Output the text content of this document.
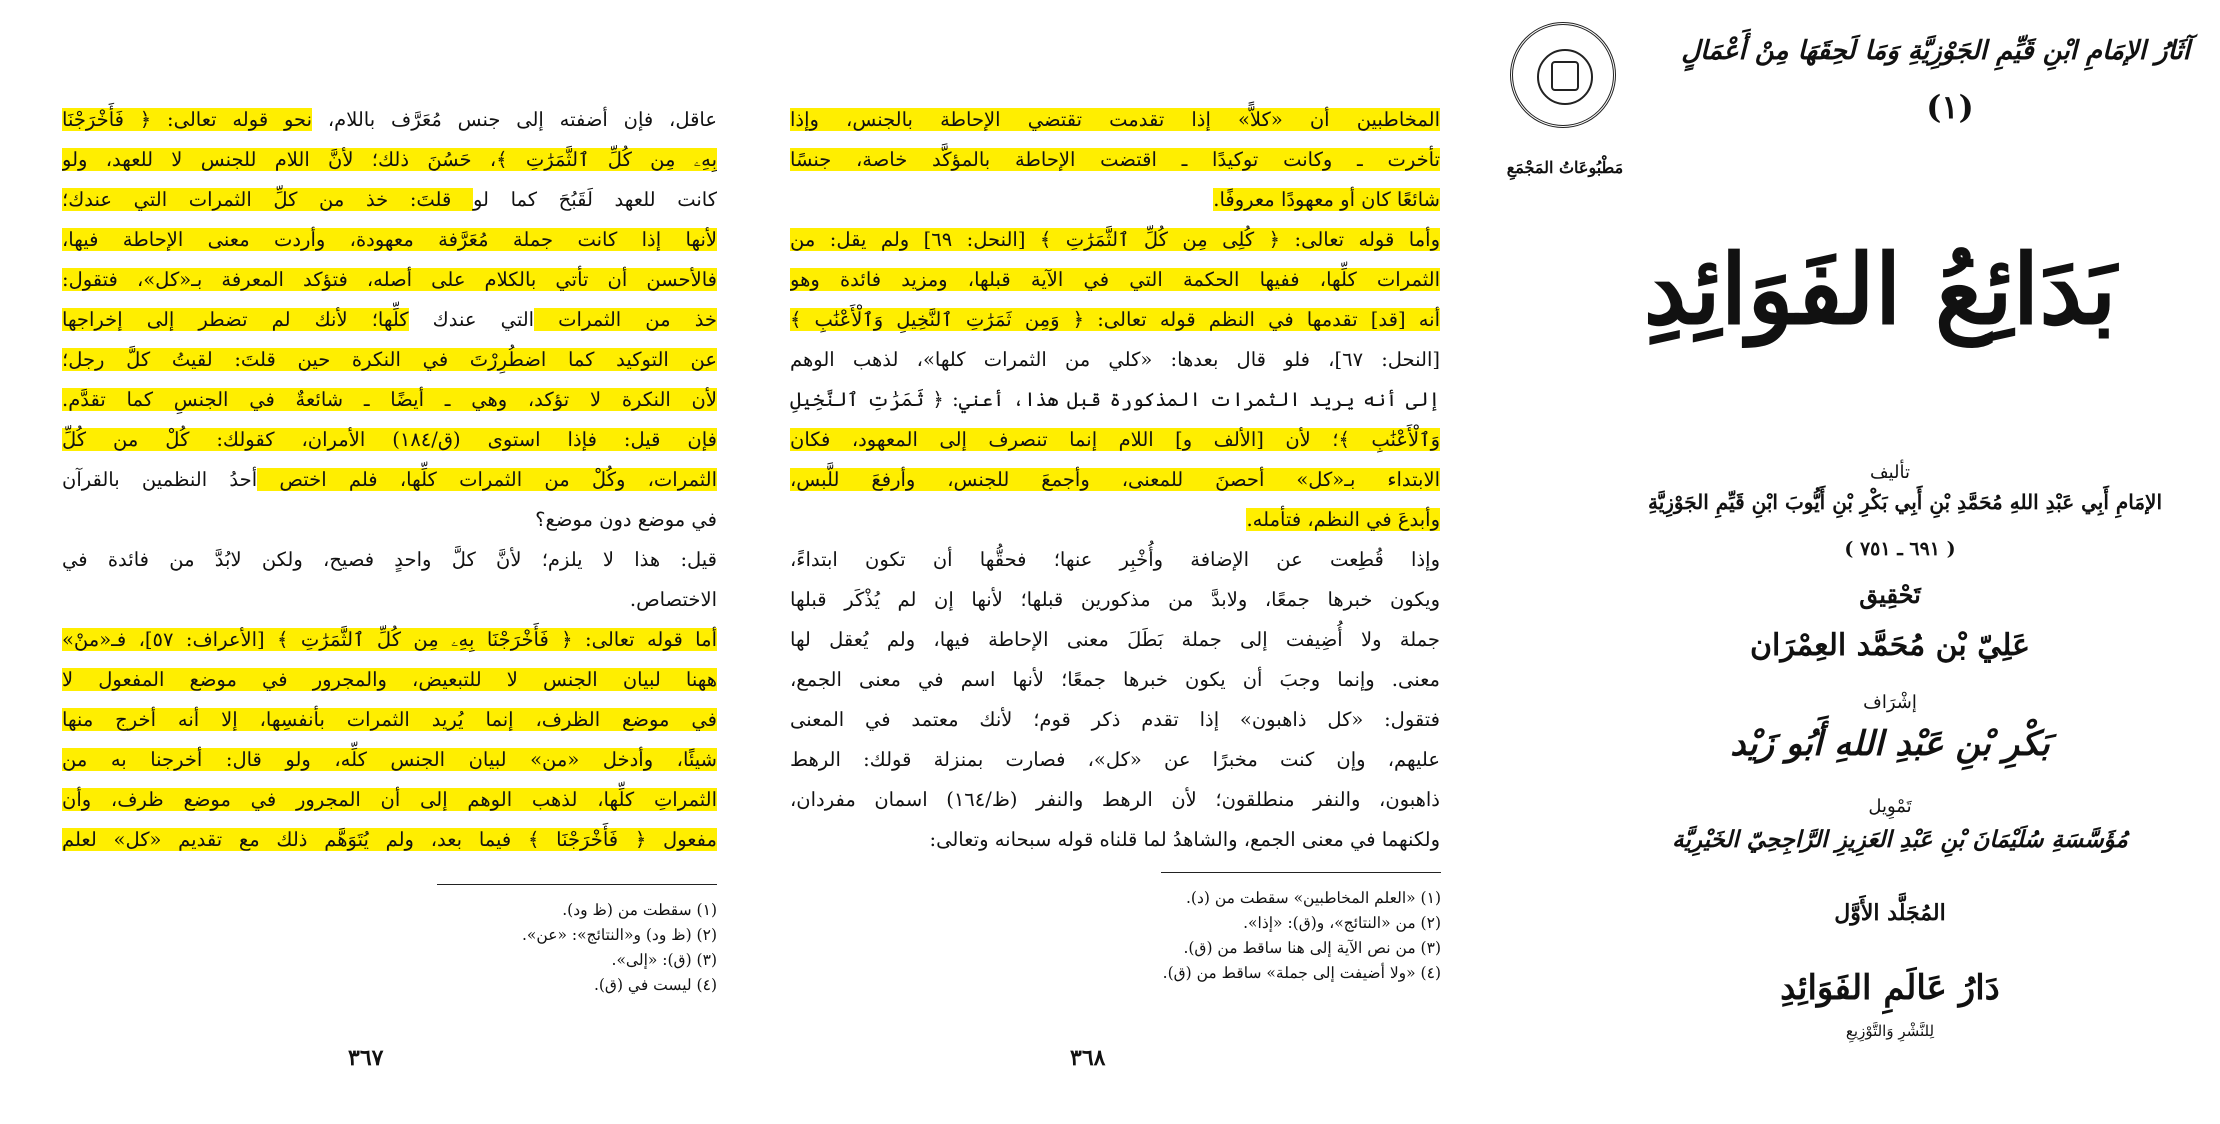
عاقل، فإن أضفته إلى جنس مُعَرَّف باللام، نحو قوله تعالى: ﴿ فَأَخْرَجْنَا
بِهِۦ مِن كُلِّ ٱلثَّمَرَٰتِ ﴾، حَسُنَ ذلك؛ لأنَّ اللام للجنس لا للعهد، ولو
كانت للعهد لَقَبُحَ كما لو قلتَ: خذ من كلِّ الثمرات التي عندك؛
لأنها إذا كانت جملة مُعَرَّفة معهودة، وأردت معنى الإحاطة فيها،
فالأحسن أن تأتي بالكلام على أصله، فتؤكد المعرفة بـ«كل»، فتقول:
خذ من الثمرات التي عندك كلِّها؛ لأنك لم تضطر إلى إخراجها
عن التوكيد كما اضطُرِرْتَ في النكرة حين قلتَ: لقيتُ كلَّ رجل؛
لأن النكرة لا تؤكد، وهي ـ أيضًا ـ شائعةٌ في الجنسِ كما تقدَّم.
فإن قيل: فإذا استوى (ق/١٨٤) الأمران، كقولك: كُلْ من كُلِّ
الثمرات، وكُلْ من الثمرات كلِّها، فلم اختص أحدُ النظمين بالقرآن
في موضع دون موضع؟
قيل: هذا لا يلزم؛ لأنَّ كلَّ واحدٍ فصيح، ولكن لابُدَّ من فائدة في
الاختصاص.
أما قوله تعالى: ﴿ فَأَخْرَجْنَا بِهِۦ مِن كُلِّ ٱلثَّمَرَٰتِ ﴾ [الأعراف: ٥٧]، فـ«منْ»
ههنا لبيان الجنس لا للتبعيض، والمجرور في موضع المفعول لا
في موضع الظرف، إنما يُريد الثمرات بأنفسِها، إلا أنه أخرج منها
شيئًا، وأدخل «من» لبيان الجنس كلِّه، ولو قال: أخرجنا به من
الثمراتِ كلِّها، لذهب الوهم إلى أن المجرور في موضع ظرف، وأن
مفعول ﴿ فَأَخْرَجْنَا ﴾ فيما بعد، ولم يُتَوَهَّم ذلك مع تقديم «كل» لعلم
(١) سقطت من (ظ ود).
(٢) (ظ ود) و«النتائج»: «عن».
(٣) (ق): «إلى».
(٤) ليست في (ق).
٣٦٧
المخاطبين أن «كلاًّ» إذا تقدمت تقتضي الإحاطة بالجنس، وإذا
تأخرت ـ وكانت توكيدًا ـ اقتضت الإحاطة بالمؤكَّد خاصة، جنسًا
شائعًا كان أو معهودًا معروفًا.
وأما قوله تعالى: ﴿ كُلِى مِن كُلِّ ٱلثَّمَرَٰتِ ﴾ [النحل: ٦٩] ولم يقل: من
الثمرات كلِّها، ففيها الحكمة التي في الآية قبلها، ومزيد فائدة وهو
أنه [قد] تقدمها في النظم قوله تعالى: ﴿ وَمِن ثَمَرَٰتِ ٱلنَّخِيلِ وَٱلْأَعْنَٰبِ ﴾
[النحل: ٦٧]، فلو قال بعدها: «كلي من الثمرات كلها»، لذهب الوهم
إلى أنه يريد الثمرات المذكورة قبل هذا، أعني: ﴿ ثَمَرَٰتِ ٱلنَّخِيلِ
وَٱلْأَعْنَٰبِ ﴾؛ لأن [الألف و] اللام إنما تنصرف إلى المعهود، فكان
الابتداء بـ«كل» أحصنَ للمعنى، وأجمعَ للجنس، وأرفعَ للَّبس،
وأبدعَ في النظم، فتأمله.
وإذا قُطِعت عن الإضافة وأُخْبِر عنها؛ فحقُّها أن تكون ابتداءً،
ويكون خبرها جمعًا، ولابدَّ من مذكورين قبلها؛ لأنها إن لم يُذْكَر قبلها
جملة ولا أُضِيفت إلى جملة بَطَلَ معنى الإحاطة فيها، ولم يُعقل لها
معنى. وإنما وجبَ أن يكون خبرها جمعًا؛ لأنها اسم في معنى الجمع،
فتقول: «كل ذاهبون» إذا تقدم ذكر قوم؛ لأنك معتمد في المعنى
عليهم، وإن كنت مخبرًا عن «كل»، فصارت بمنزلة قولك: الرهط
ذاهبون، والنفر منطلقون؛ لأن الرهط والنفر (ظ/١٦٤) اسمان مفردان،
ولكنهما في معنى الجمع، والشاهدُ لما قلناه قوله سبحانه وتعالى:
(١) «العلم المخاطبين» سقطت من (د).
(٢) من «النتائج»، و(ق): «إذا».
(٣) من نص الآية إلى هنا ساقط من (ق).
(٤) «ولا أضيفت إلى جملة» ساقط من (ق).
٣٦٨
مَطْبُوعَاتُ المَجْمَعِ
آثَارُ الإمَامِ ابْنِ قَيِّمِ الجَوْزِيَّةِ وَمَا لَحِقَهَا مِنْ أَعْمَالٍ
(١)
بَدَائِعُ الفَوَائِدِ
تأليف
الإمَامِ أَبِي عَبْدِ اللهِ مُحَمَّدِ بْنِ أَبِي بَكْرِ بْنِ أَيُّوبَ ابْنِ قَيِّمِ الجَوْزِيَّةِ
( ٦٩١ ـ ٧٥١ )
تَحْقِيق
عَلِيّ بْن مُحَمَّد العِمْرَان
إشْرَاف
بَكْرِ بْنِ عَبْدِ اللهِ أَبُو زَيْد
تَمْوِيل
مُؤَسَّسَةِ سُلَيْمَانَ بْنِ عَبْدِ العَزِيزِ الرَّاجِحِيّ الخَيْرِيَّة
المُجَلَّد الأَوَّل
دَارُ عَالَمِ الفَوَائِدِ
لِلنَّشْرِ وَالتَّوْزِيعِ
